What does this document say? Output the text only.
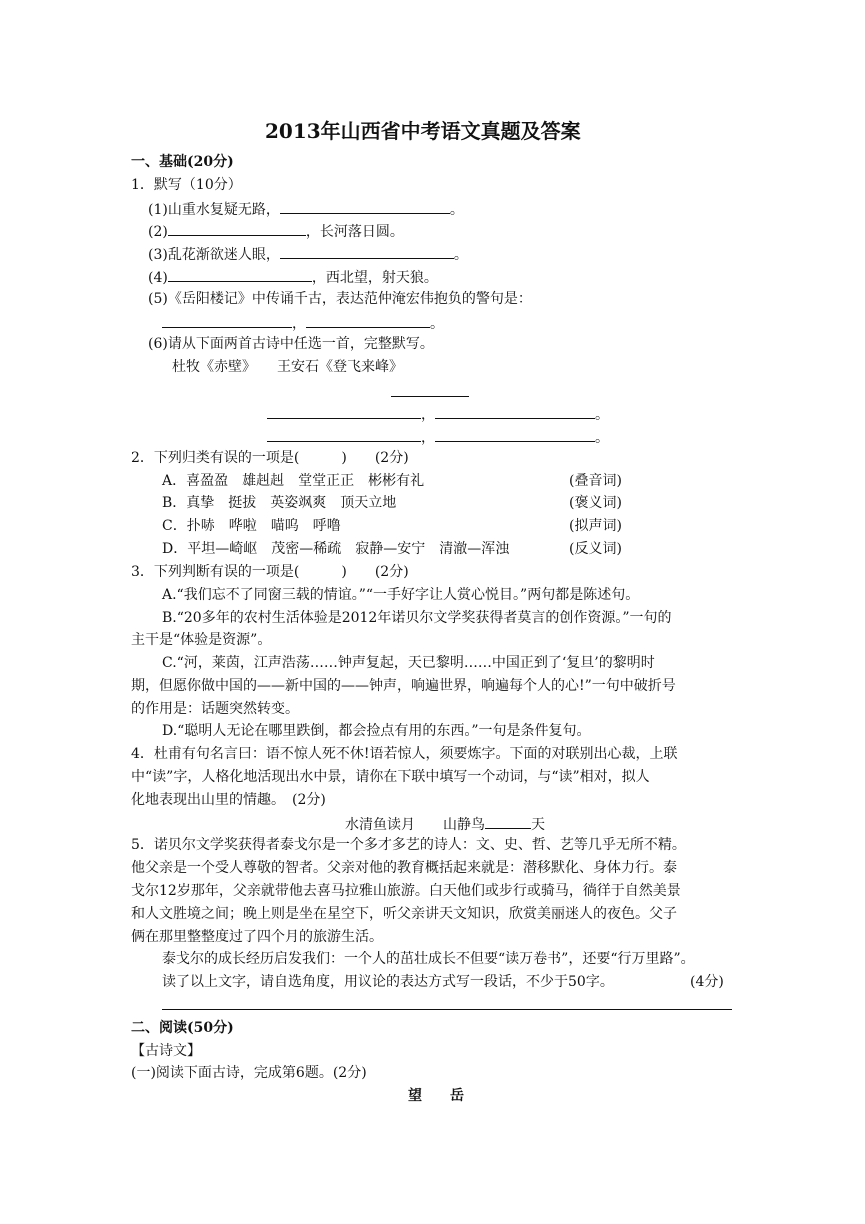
2013年山西省中考语文真题及答案
一、基础(20分)
1．默写（10分）
(1)山重水复疑无路，	。
(2)	，长河落日圆。
(3)乱花渐欲迷人眼，	。
(4)	，西北望，射天狼。
(5)《岳阳楼记》中传诵千古，表达范仲淹宏伟抱负的警句是：
，	。
(6)请从下面两首古诗中任选一首，完整默写。
杜牧《赤壁》　　王安石《登飞来峰》
，	。
，	。
2．下列归类有误的一项是(　　　)　　(2分)
A．喜盈盈　雄赳赳　堂堂正正　彬彬有礼	(叠音词)
B．真挚　挺拔　英姿飒爽　顶天立地	(褒义词)
C．扑哧　哗啦　喵呜　呼噜	(拟声词)
D．平坦—崎岖　茂密—稀疏　寂静—安宁　清澈—浑浊	(反义词)
3．下列判断有误的一项是(　　　)　　(2分)
A.“我们忘不了同窗三载的情谊。”“一手好字让人赏心悦目。”两句都是陈述句。
B.“20多年的农村生活体验是2012年诺贝尔文学奖获得者莫言的创作资源。”一句的
主干是“体验是资源”。
C.“河，莱茵，江声浩荡……钟声复起，天已黎明……中国正到了‘复旦’的黎明时
期，但愿你做中国的——新中国的——钟声，响遍世界，响遍每个人的心!”一句中破折号
的作用是：话题突然转变。
D.“聪明人无论在哪里跌倒，都会捡点有用的东西。”一句是条件复句。
4．杜甫有句名言曰：语不惊人死不休!语若惊人，须要炼字。下面的对联别出心裁，上联
中“读”字，人格化地活现出水中景，请你在下联中填写一个动词，与“读”相对，拟人
化地表现出山里的情趣。　(2分)
水清鱼读月　　山静鸟	天
5．诺贝尔文学奖获得者泰戈尔是一个多才多艺的诗人：文、史、哲、艺等几乎无所不精。
他父亲是一个受人尊敬的智者。父亲对他的教育概括起来就是：潜移默化、身体力行。泰
戈尔12岁那年，父亲就带他去喜马拉雅山旅游。白天他们或步行或骑马，徜徉于自然美景
和人文胜境之间；晚上则是坐在星空下，听父亲讲天文知识，欣赏美丽迷人的夜色。父子
俩在那里整整度过了四个月的旅游生活。
泰戈尔的成长经历启发我们：一个人的茁壮成长不但要“读万卷书”，还要“行万里路”。
读了以上文字，请自选角度，用议论的表达方式写一段话，不少于50字。	(4分)
二、阅读(50分)
【古诗文】
(一)阅读下面古诗，完成第6题。(2分)
望　　岳
